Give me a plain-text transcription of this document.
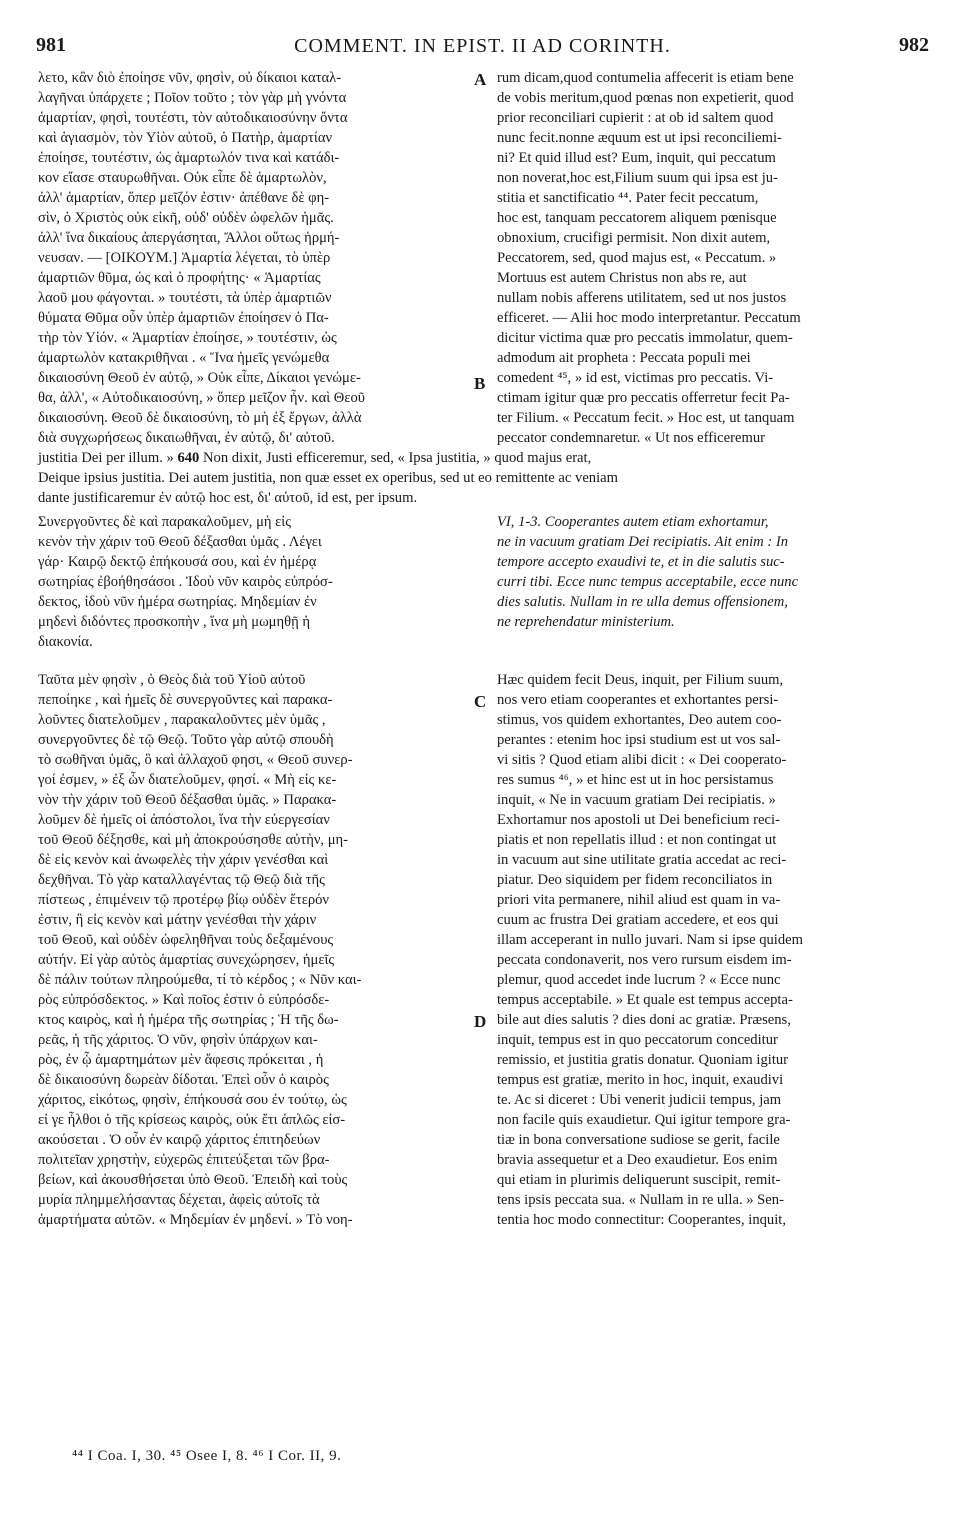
981	COMMENT. IN EPIST. II AD CORINTH.	982
λετο, κἂν διὸ ἐποίησε νῦν, φησὶν, οὐ δίκαιοι καταλ-
λαγῆναι ὑπάρχετε ; Ποῖον τοῦτο ; τὸν γὰρ μὴ γνόντα
ἁμαρτίαν, φησὶ, τουτέστι, τὸν αὐτοδικαιοσύνην ὄντα
καὶ ἁγιασμὸν, τὸν Υἱὸν αὐτοῦ, ὁ Πατὴρ, ἁμαρτίαν
ἐποίησε, τουτέστιν, ὡς ἁμαρτωλόν τινα καὶ κατάδι-
κον εἴασε σταυρωθῆναι. Οὐκ εἶπε δὲ ἁμαρτωλὸν,
ἀλλ' ἁμαρτίαν, ὅπερ μεῖζόν ἐστιν· ἀπέθανε δὲ φη-
σὶν, ὁ Χριστὸς οὐκ εἰκῆ, οὐδ' οὐδὲν ὠφελῶν ἡμᾶς.
ἀλλ' ἵνα δικαίους ἀπεργάσηται, Ἄλλοι οὕτως ἡρμή-
νευσαν. — [ΟΙΚΟΥΜ.] Ἁμαρτία λέγεται, τὸ ὑπὲρ
ἁμαρτιῶν θῦμα, ὡς καὶ ὁ προφήτης· « Ἁμαρτίας
λαοῦ μου φάγονται. » τουτέστι, τὰ ὑπὲρ ἁμαρτιῶν
θύματα Θῦμα οὖν ὑπὲρ ἁμαρτιῶν ἐποίησεν ὁ Πα-
τὴρ τὸν Υἱόν. « Ἁμαρτίαν ἐποίησε, » τουτέστιν, ὡς
ἁμαρτωλὸν κατακριθῆναι . « Ἵνα ἡμεῖς γενώμεθα
δικαιοσύνη Θεοῦ ἐν αὐτῷ, » Οὐκ εἶπε, Δίκαιοι γενώμε-
θα, ἀλλ', « Αὐτοδικαιοσύνη, » ὅπερ μεῖζον ἦν. καὶ Θεοῦ
δικαιοσύνη. Θεοῦ δὲ δικαιοσύνη, τὸ μὴ ἐξ ἔργων, ἀλλὰ
διὰ συγχωρήσεως δικαιωθῆναι, ἐν αὐτῷ, δι' αὐτοῦ.
rum dicam,quod contumelia affecerit is etiam bene
de vobis meritum,quod pœnas non expetierit, quod
prior reconciliari cupierit : at ob id saltem quod
nunc fecit.nonne æquum est ut ipsi reconciliemi-
ni? Et quid illud est? Eum, inquit, qui peccatum
non noverat,hoc est,Filium suum qui ipsa est ju-
stitia et sanctificatio ⁴⁴. Pater fecit peccatum,
hoc est, tanquam peccatorem aliquem pœnisque
obnoxium, crucifigi permisit. Non dixit autem,
Peccatorem, sed, quod majus est, « Peccatum. »
Mortuus est autem Christus non abs re, aut
nullam nobis afferens utilitatem, sed ut nos justos
efficeret. — Alii hoc modo interpretantur. Peccatum
dicitur victima quæ pro peccatis immolatur, quem-
admodum ait propheta : Peccata populi mei
comedent ⁴⁵, » id est, victimas pro peccatis. Vi-
ctimam igitur quæ pro peccatis offerretur fecit Pa-
ter Filium. « Peccatum fecit. » Hoc est, ut tanquam
peccator condemnaretur. « Ut nos efficeremur
A
B
justitia Dei per illum. » 640 Non dixit, Justi efficeremur, sed, « Ipsa justitia, » quod majus erat,
Deique ipsius justitia. Dei autem justitia, non quæ esset ex operibus, sed ut eo remittente ac veniam
dante justificaremur ἐν αὐτῷ hoc est, δι' αὐτοῦ, id est, per ipsum.
Συνεργοῦντες δὲ καὶ παρακαλοῦμεν, μὴ εἰς
κενὸν τὴν χάριν τοῦ Θεοῦ δέξασθαι ὑμᾶς . Λέγει
γάρ· Καιρῷ δεκτῷ ἐπήκουσά σου, καὶ ἐν ἡμέρᾳ
σωτηρίας ἐβοήθησάσοι . Ἰδοὺ νῦν καιρὸς εὐπρόσ-
δεκτος, ἰδοὺ νῦν ἡμέρα σωτηρίας. Μηδεμίαν ἐν
μηδενὶ διδόντες προσκοπὴν , ἵνα μὴ μωμηθῇ ἡ
διακονία.
VI, 1-3. Cooperantes autem etiam exhortamur,
ne in vacuum gratiam Dei recipiatis. Ait enim : In
tempore accepto exaudivi te, et in die salutis suc-
curri tibi. Ecce nunc tempus acceptabile, ecce nunc
dies salutis. Nullam in re ulla demus offensionem,
ne reprehendatur ministerium.
Ταῦτα μὲν φησὶν , ὁ Θεὸς διὰ τοῦ Υἱοῦ αὐτοῦ
πεποίηκε , καὶ ἡμεῖς δὲ συνεργοῦντες καὶ παρακα-
λοῦντες διατελοῦμεν , παρακαλοῦντες μὲν ὑμᾶς ,
συνεργοῦντες δὲ τῷ Θεῷ. Τοῦτο γὰρ αὐτῷ σπουδὴ
τὸ σωθῆναι ὑμᾶς, ὃ καὶ ἀλλαχοῦ φησι, « Θεοῦ συνερ-
γοί ἐσμεν, » ἐξ ὧν διατελοῦμεν, φησί. « Μὴ εἰς κε-
νὸν τὴν χάριν τοῦ Θεοῦ δέξασθαι ὑμᾶς. » Παρακα-
λοῦμεν δὲ ἡμεῖς οἱ ἀπόστολοι, ἵνα τὴν εὐεργεσίαν
τοῦ Θεοῦ δέξησθε, καὶ μὴ ἀποκρούσησθε αὐτὴν, μη-
δὲ εἰς κενὸν καὶ ἀνωφελὲς τὴν χάριν γενέσθαι καὶ
δεχθῆναι. Τὸ γὰρ καταλλαγέντας τῷ Θεῷ διὰ τῆς
πίστεως , ἐπιμένειν τῷ προτέρῳ βίῳ οὐδὲν ἕτερόν
ἐστιν, ἢ εἰς κενὸν καὶ μάτην γενέσθαι τὴν χάριν
τοῦ Θεοῦ, καὶ οὐδὲν ὠφεληθῆναι τοὺς δεξαμένους
αὐτήν. Εἰ γὰρ αὐτὸς ἁμαρτίας συνεχώρησεν, ἡμεῖς
δὲ πάλιν τούτων πληρούμεθα, τί τὸ κέρδος ; « Νῦν και-
ρὸς εὐπρόσδεκτος. » Καὶ ποῖος ἐστιν ὁ εὐπρόσδε-
κτος καιρὸς, καὶ ἡ ἡμέρα τῆς σωτηρίας ; Ἡ τῆς δω-
ρεᾶς, ἡ τῆς χάριτος. Ὁ νῦν, φησὶν ὑπάρχων και-
ρὸς, ἐν ᾧ ἁμαρτημάτων μὲν ἄφεσις πρόκειται , ἡ
δὲ δικαιοσύνη δωρεὰν δίδοται. Ἐπεὶ οὖν ὁ καιρὸς
χάριτος, εἰκότως, φησὶν, ἐπήκουσά σου ἐν τούτῳ, ὡς
εἰ γε ἦλθοι ὁ τῆς κρίσεως καιρὸς, οὐκ ἔτι ἁπλῶς εἰσ-
ακούσεται . Ὁ οὖν ἐν καιρῷ χάριτος ἐπιτηδεύων
πολιτεῖαν χρηστὴν, εὐχερῶς ἐπιτεύξεται τῶν βρα-
βείων, καὶ ἀκουσθήσεται ὑπὸ Θεοῦ. Ἐπειδὴ καὶ τοὺς
μυρία πλημμελήσαντας δέχεται, ἀφεὶς αὐτοῖς τὰ
ἁμαρτήματα αὐτῶν. « Μηδεμίαν ἐν μηδενί. » Τὸ νοη-
Hæc quidem fecit Deus, inquit, per Filium suum,
nos vero etiam cooperantes et exhortantes persi-
stimus, vos quidem exhortantes, Deo autem coo-
perantes : etenim hoc ipsi studium est ut vos sal-
vi sitis ? Quod etiam alibi dicit : « Dei cooperato-
res sumus ⁴⁶, » et hinc est ut in hoc persistamus
inquit, « Ne in vacuum gratiam Dei recipiatis. »
Exhortamur nos apostoli ut Dei beneficium reci-
piatis et non repellatis illud : et non contingat ut
in vacuum aut sine utilitate gratia accedat ac reci-
piatur. Deo siquidem per fidem reconciliatos in
priori vita permanere, nihil aliud est quam in va-
cuum ac frustra Dei gratiam accedere, et eos qui
illam acceperant in nullo juvari. Nam si ipse quidem
peccata condonaverit, nos vero rursum eisdem im-
plemur, quod accedet inde lucrum ? « Ecce nunc
tempus acceptabile. » Et quale est tempus accepta-
bile aut dies salutis ? dies doni ac gratiæ. Præsens,
inquit, tempus est in quo peccatorum conceditur
remissio, et justitia gratis donatur. Quoniam igitur
tempus est gratiæ, merito in hoc, inquit, exaudivi
te. Ac si diceret : Ubi venerit judicii tempus, jam
non facile quis exaudietur. Qui igitur tempore gra-
tiæ in bona conversatione sudiose se gerit, facile
bravia assequetur et a Deo exaudietur. Eos enim
qui etiam in plurimis deliquerunt suscipit, remit-
tens ipsis peccata sua. « Nullam in re ulla. » Sen-
tentia hoc modo connectitur: Cooperantes, inquit,
C
D
⁴⁴ I Coa. I, 30. ⁴⁵ Osee I, 8. ⁴⁶ I Cor. II, 9.
